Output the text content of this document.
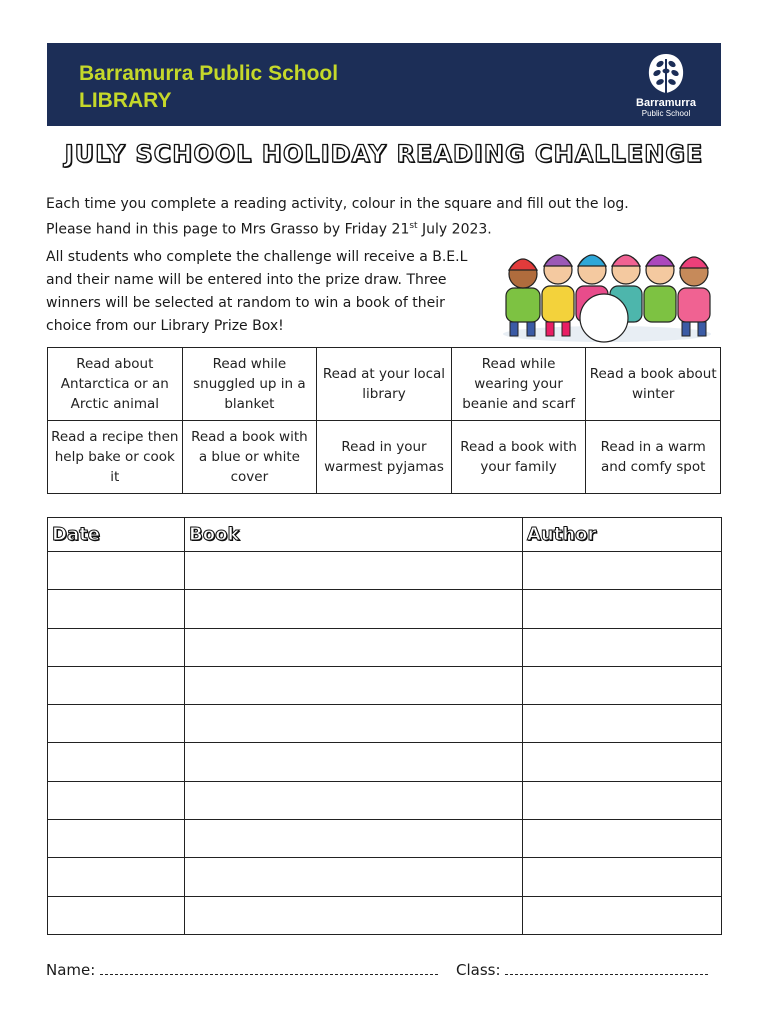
Barramurra Public School
LIBRARY	Barramurra
Public School
JULY SCHOOL HOLIDAY READING CHALLENGE

Each time you complete a reading activity, colour in the square and fill out the log.

Please hand in this page to Mrs Grasso by Friday 21st July 2023.

All students who complete the challenge will receive a B.E.L and their name will be entered into the prize draw. Three winners will be selected at random to win a book of their choice from our Library Prize Box!
Read about Antarctica or an Arctic animal	Read while snuggled up in a blanket	Read at your local library	Read while wearing your beanie and scarf	Read a book about winter
Read a recipe then help bake or cook it	Read a book with a blue or white cover	Read in your warmest pyjamas	Read a book with your family	Read in a warm and comfy spot
Date	Book	Author

Name:	Class:
